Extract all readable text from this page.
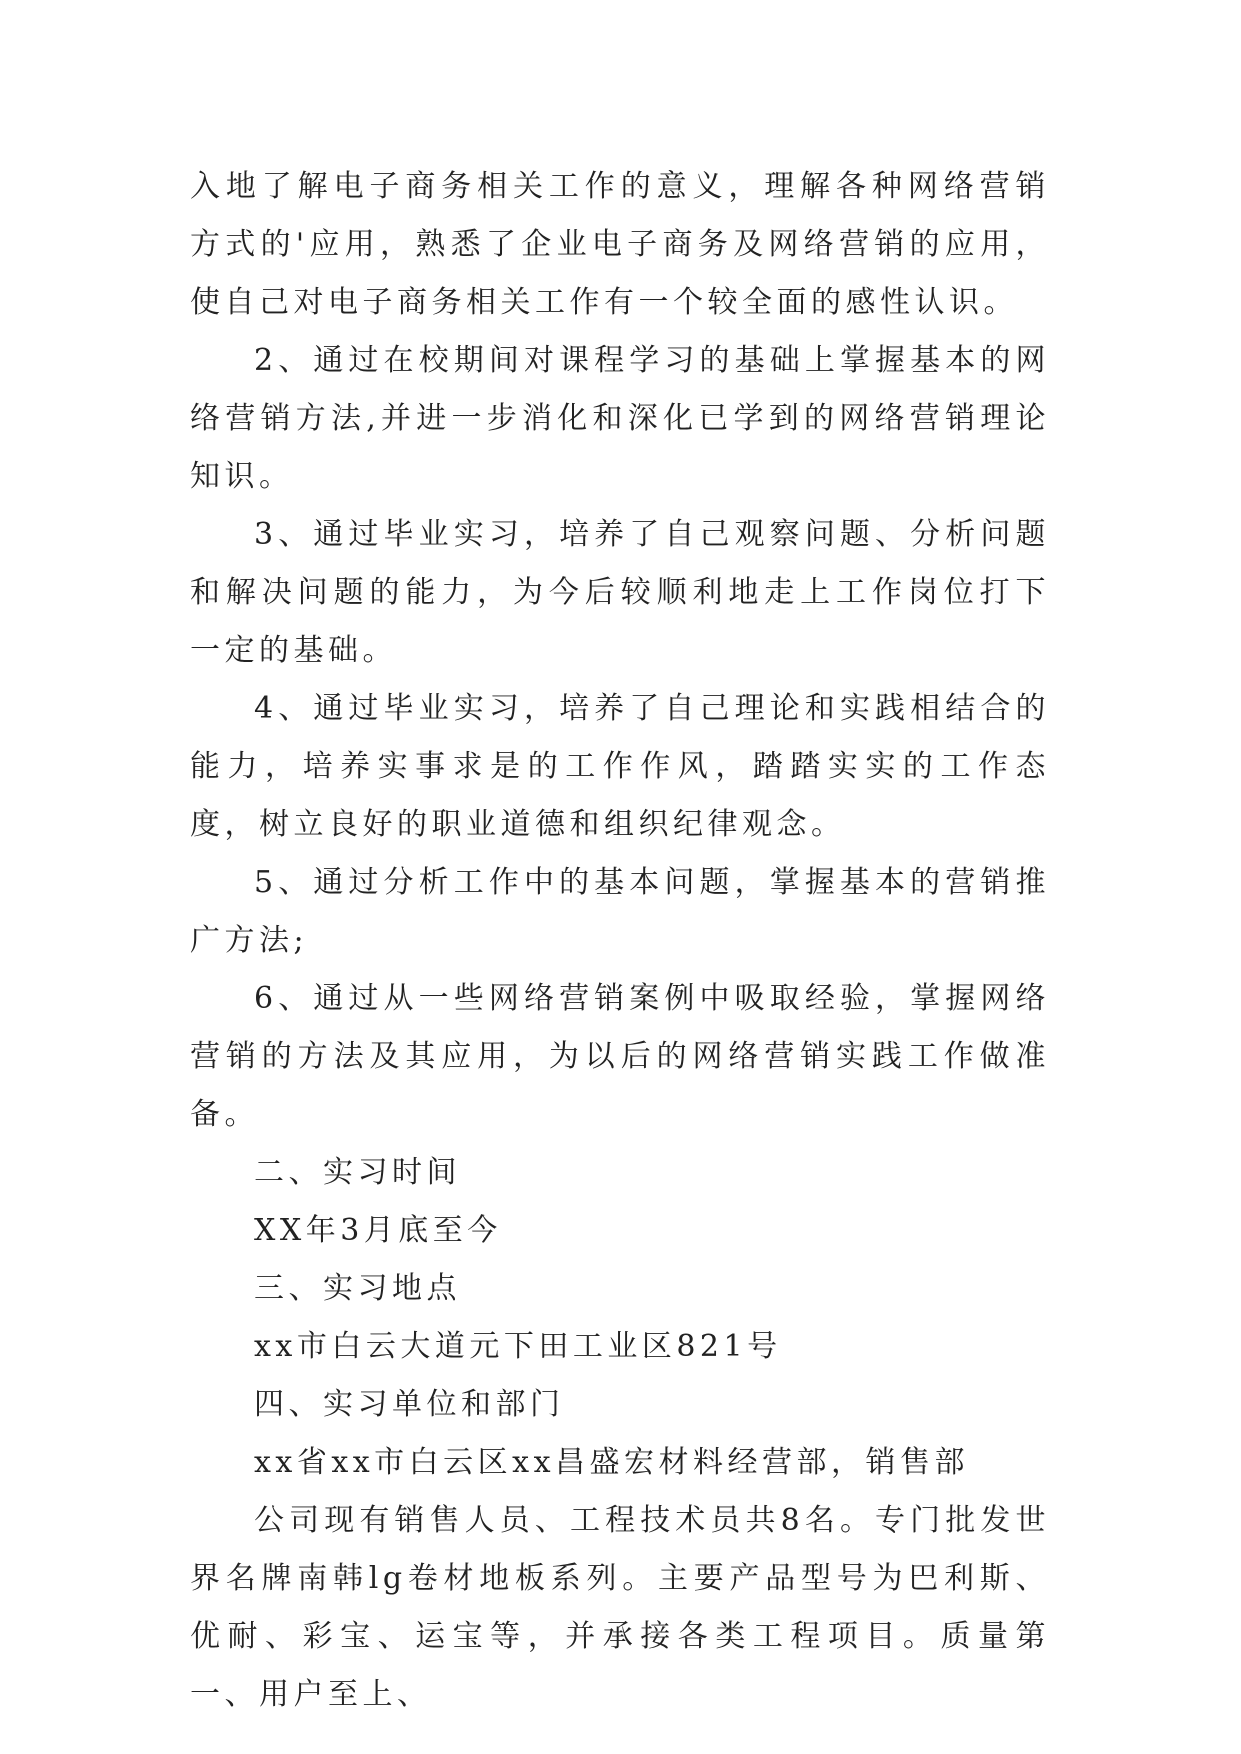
入地了解电子商务相关工作的意义，理解各种网络营销方式的'应用，熟悉了企业电子商务及网络营销的应用，使自己对电子商务相关工作有一个较全面的感性认识。

2、通过在校期间对课程学习的基础上掌握基本的网络营销方法,并进一步消化和深化已学到的网络营销理论知识。

3、通过毕业实习，培养了自己观察问题、分析问题和解决问题的能力，为今后较顺利地走上工作岗位打下一定的基础。

4、通过毕业实习，培养了自己理论和实践相结合的能力，培养实事求是的工作作风，踏踏实实的工作态度，树立良好的职业道德和组织纪律观念。

5、通过分析工作中的基本问题，掌握基本的营销推广方法;

6、通过从一些网络营销案例中吸取经验，掌握网络营销的方法及其应用，为以后的网络营销实践工作做准备。

二、实习时间

XX年3月底至今

三、实习地点

xx市白云大道元下田工业区821号

四、实习单位和部门

xx省xx市白云区xx昌盛宏材料经营部，销售部

公司现有销售人员、工程技术员共8名。专门批发世界名牌南韩lg卷材地板系列。主要产品型号为巴利斯、优耐、彩宝、运宝等，并承接各类工程项目。质量第一、用户至上、
